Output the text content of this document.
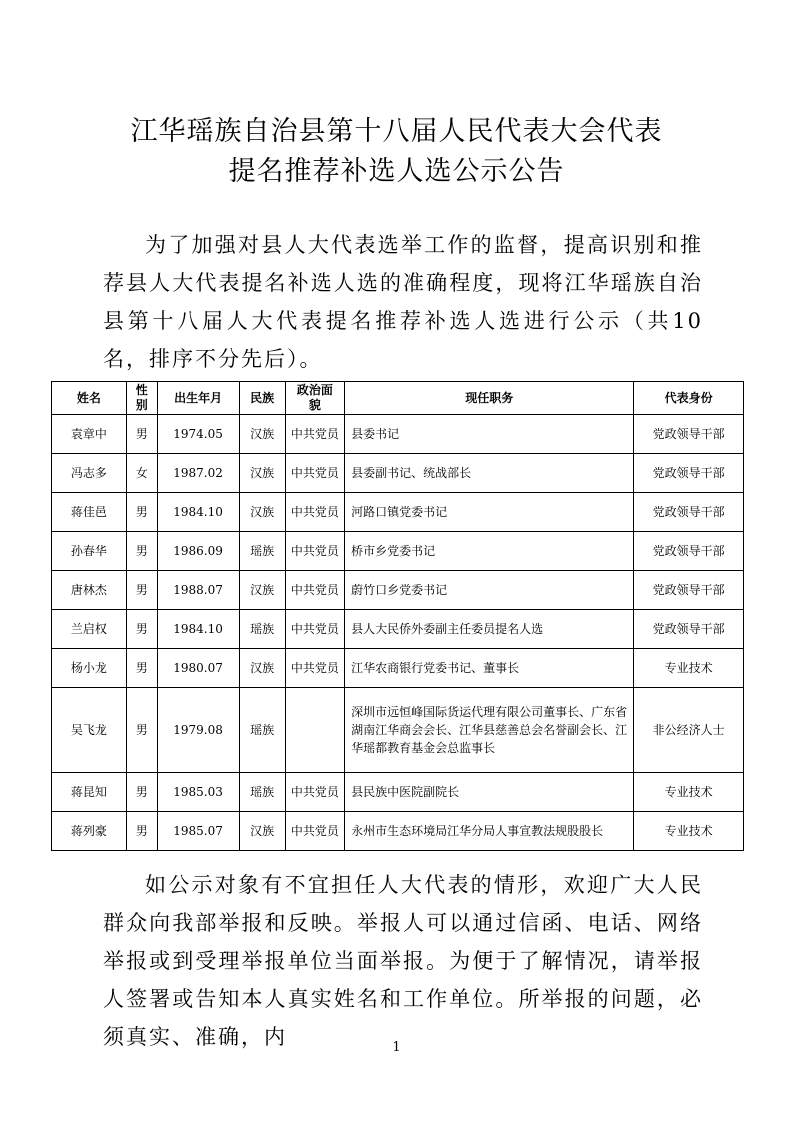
江华瑶族自治县第十八届人民代表大会代表
提名推荐补选人选公示公告

为了加强对县人大代表选举工作的监督，提高识别和推荐县人大代表提名补选人选的准确程度，现将江华瑶族自治县第十八届人大代表提名推荐补选人选进行公示（共10名，排序不分先后）。

姓名	性别	出生年月	民族	政治面貌	现任职务	代表身份
袁章中	男	1974.05	汉族	中共党员	县委书记	党政领导干部
冯志多	女	1987.02	汉族	中共党员	县委副书记、统战部长	党政领导干部
蒋佳邑	男	1984.10	汉族	中共党员	河路口镇党委书记	党政领导干部
孙春华	男	1986.09	瑶族	中共党员	桥市乡党委书记	党政领导干部
唐林杰	男	1988.07	汉族	中共党员	蔚竹口乡党委书记	党政领导干部
兰启权	男	1984.10	瑶族	中共党员	县人大民侨外委副主任委员提名人选	党政领导干部
杨小龙	男	1980.07	汉族	中共党员	江华农商银行党委书记、董事长	专业技术
吴飞龙	男	1979.08	瑶族		深圳市远恒峰国际货运代理有限公司董事长、广东省湖南江华商会会长、江华县慈善总会名誉副会长、江华瑶都教育基金会总监事长	非公经济人士
蒋昆知	男	1985.03	瑶族	中共党员	县民族中医院副院长	专业技术
蒋列豪	男	1985.07	汉族	中共党员	永州市生态环境局江华分局人事宣教法规股股长	专业技术

如公示对象有不宜担任人大代表的情形，欢迎广大人民群众向我部举报和反映。举报人可以通过信函、电话、网络举报或到受理举报单位当面举报。为便于了解情况，请举报人签署或告知本人真实姓名和工作单位。所举报的问题，必须真实、准确，内	1
